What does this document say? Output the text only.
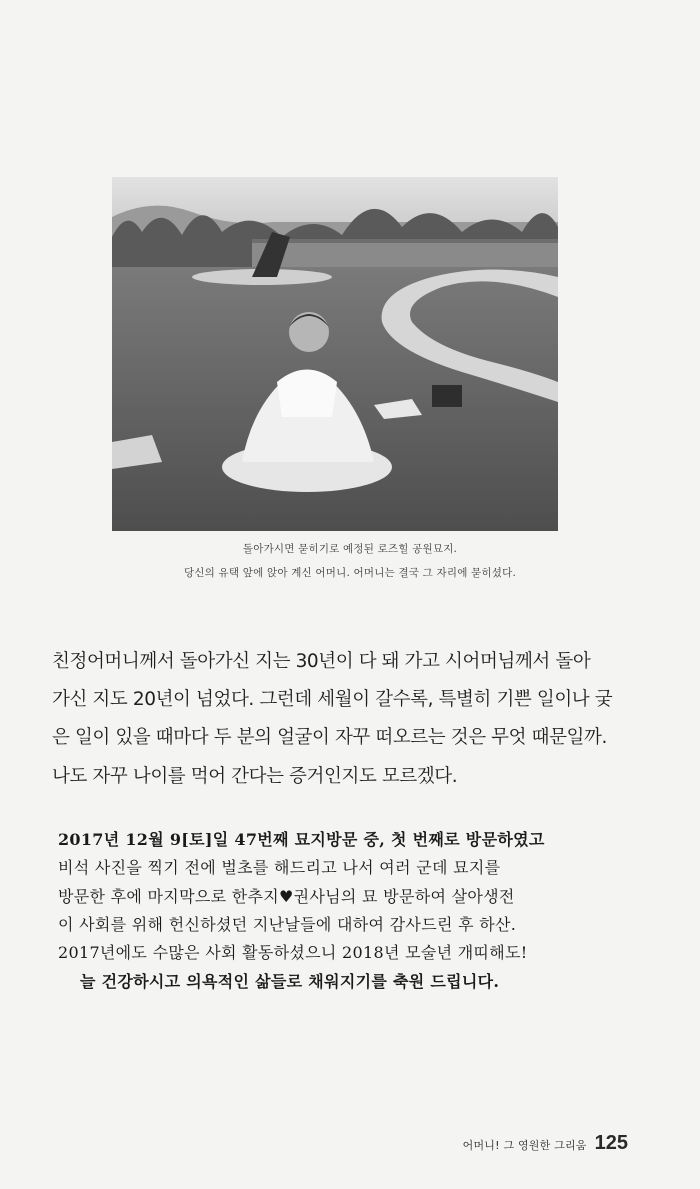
돌아가시면 묻히기로 예정된 로즈힐 공원묘지.
당신의 유택 앞에 앉아 계신 어머니. 어머니는 결국 그 자리에 묻히셨다.
친정어머니께서 돌아가신 지는 30년이 다 돼 가고 시어머님께서 돌아
가신 지도 20년이 넘었다. 그런데 세월이 갈수록, 특별히 기쁜 일이나 궂
은 일이 있을 때마다 두 분의 얼굴이 자꾸 떠오르는 것은 무엇 때문일까.
나도 자꾸 나이를 먹어 간다는 증거인지도 모르겠다.
2017년 12월 9[토]일 47번째 묘지방문 중, 첫 번째로 방문하였고
비석 사진을 찍기 전에 벌초를 해드리고 나서 여러 군데 묘지를
방문한 후에 마지막으로 한추지♥권사님의 묘 방문하여 살아생전
이 사회를 위해 헌신하셨던 지난날들에 대하여 감사드린 후 하산.
2017년에도 수많은 사회 활동하셨으니 2018년 모술년 개띠해도!
늘 건강하시고 의욕적인 삶들로 채워지기를 축원 드립니다.
어머니! 그 영원한 그리움 125
